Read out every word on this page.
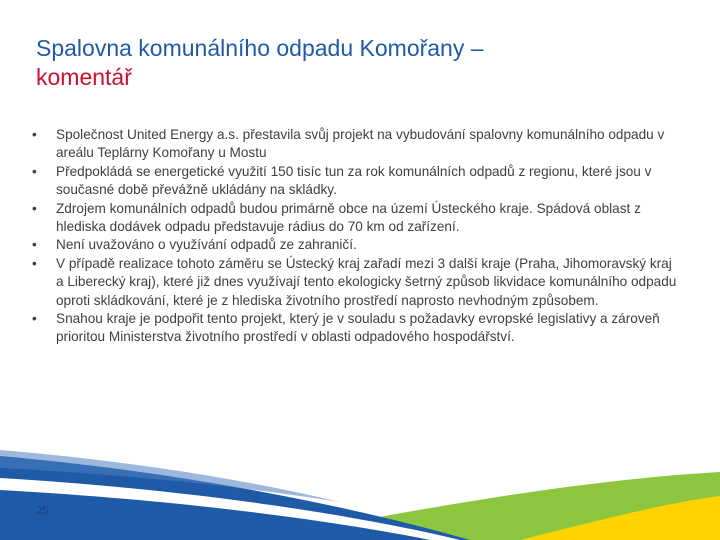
Spalovna komunálního odpadu Komořany –
komentář
• Společnost United Energy a.s. přestavila svůj projekt na vybudování spalovny komunálního odpadu v areálu Teplárny Komořany u Mostu
• Předpokládá se energetické využití 150 tisíc tun za rok komunálních odpadů z regionu, které jsou v současné době převážně ukládány na skládky.
• Zdrojem komunálních odpadů budou primárně obce na území Ústeckého kraje. Spádová oblast z hlediska dodávek odpadu představuje rádius do 70 km od zařízení.
• Není uvažováno o využívání odpadů ze zahraničí.
• V případě realizace tohoto záměru se Ústecký kraj zařadí mezi 3 další kraje (Praha, Jihomoravský kraj a Liberecký kraj), které již dnes využívají tento ekologicky šetrný způsob likvidace komunálního odpadu oproti skládkování, které je z hlediska životního prostředí naprosto nevhodným způsobem.
• Snahou kraje je podpořit tento projekt, který je v souladu s požadavky evropské legislativy a zároveň prioritou Ministerstva životního prostředí v oblasti odpadového hospodářství.
25
